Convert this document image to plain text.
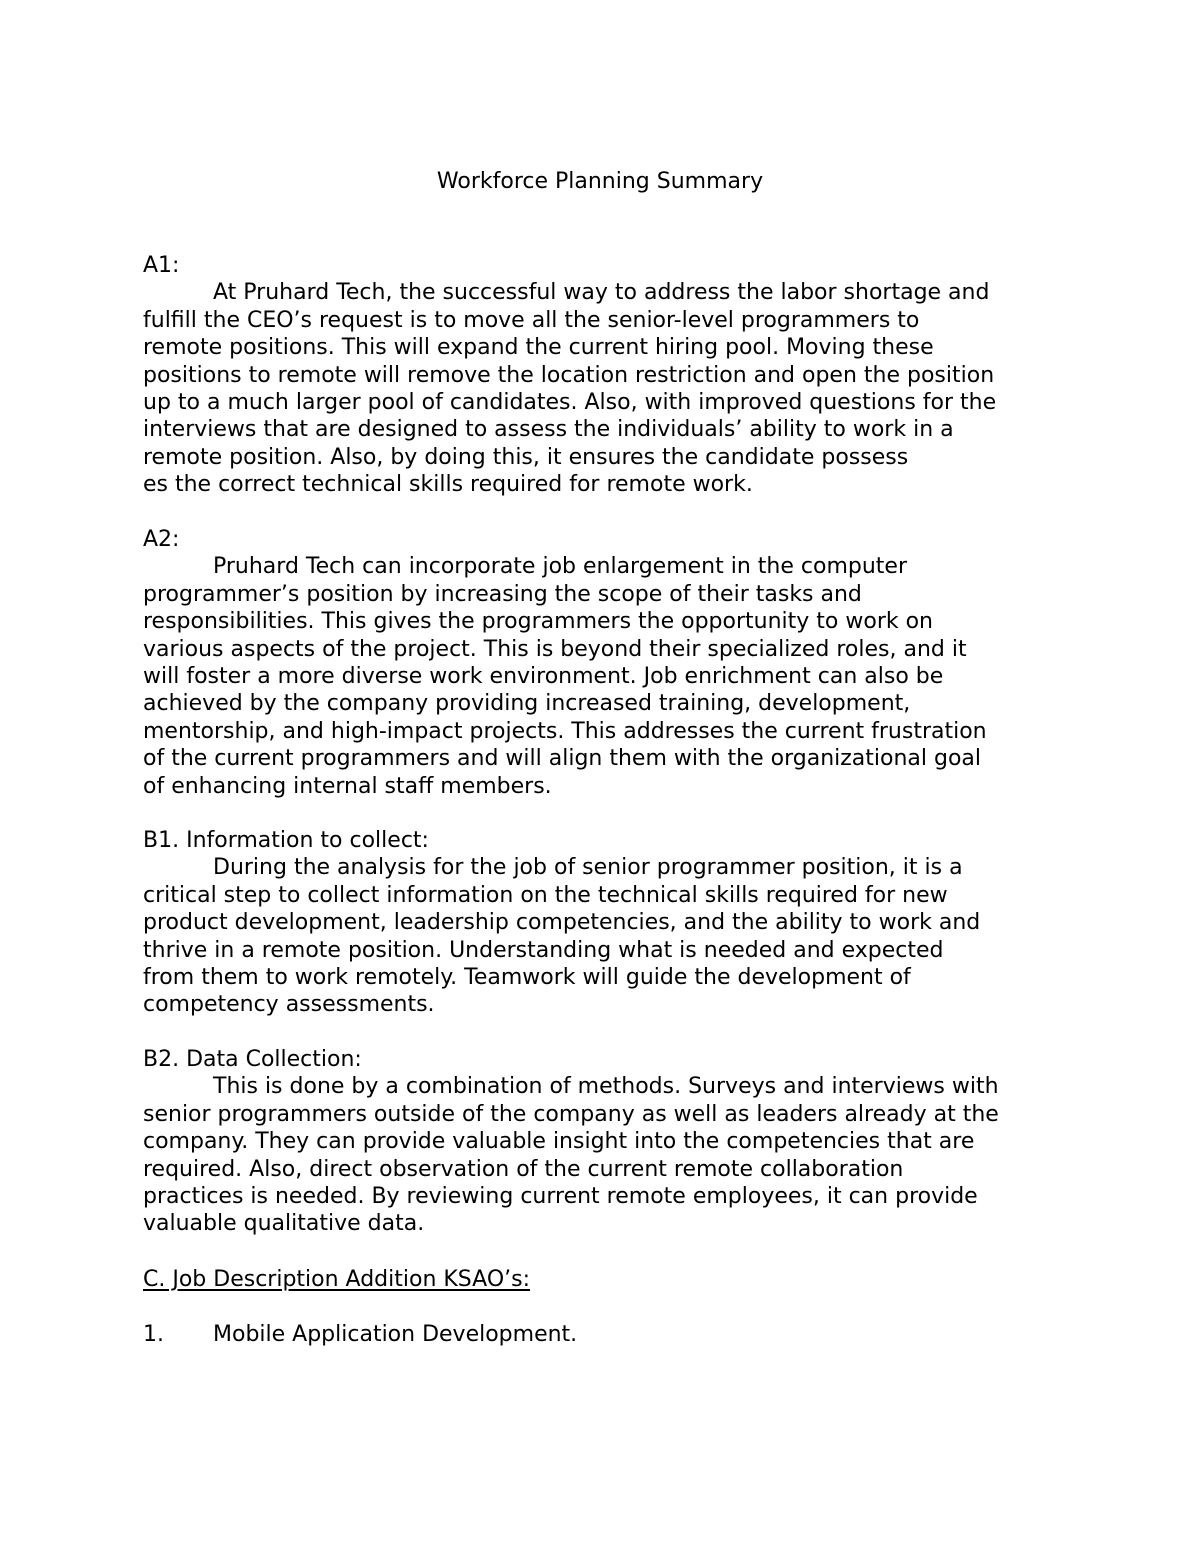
Workforce Planning Summary
A1:
At Pruhard Tech, the successful way to address the labor shortage and
fulfill the CEO’s request is to move all the senior-level programmers to
remote positions. This will expand the current hiring pool. Moving these
positions to remote will remove the location restriction and open the position
up to a much larger pool of candidates. Also, with improved questions for the
interviews that are designed to assess the individuals’ ability to work in a
remote position. Also, by doing this, it ensures the candidate possess
es the correct technical skills required for remote work.
A2:
Pruhard Tech can incorporate job enlargement in the computer
programmer’s position by increasing the scope of their tasks and
responsibilities. This gives the programmers the opportunity to work on
various aspects of the project. This is beyond their specialized roles, and it
will foster a more diverse work environment. Job enrichment can also be
achieved by the company providing increased training, development,
mentorship, and high-impact projects. This addresses the current frustration
of the current programmers and will align them with the organizational goal
of enhancing internal staff members.
B1. Information to collect:
During the analysis for the job of senior programmer position, it is a
critical step to collect information on the technical skills required for new
product development, leadership competencies, and the ability to work and
thrive in a remote position. Understanding what is needed and expected
from them to work remotely. Teamwork will guide the development of
competency assessments.
B2. Data Collection:
This is done by a combination of methods. Surveys and interviews with
senior programmers outside of the company as well as leaders already at the
company. They can provide valuable insight into the competencies that are
required. Also, direct observation of the current remote collaboration
practices is needed. By reviewing current remote employees, it can provide
valuable qualitative data.
C. Job Description Addition KSAO’s:
1. Mobile Application Development.
